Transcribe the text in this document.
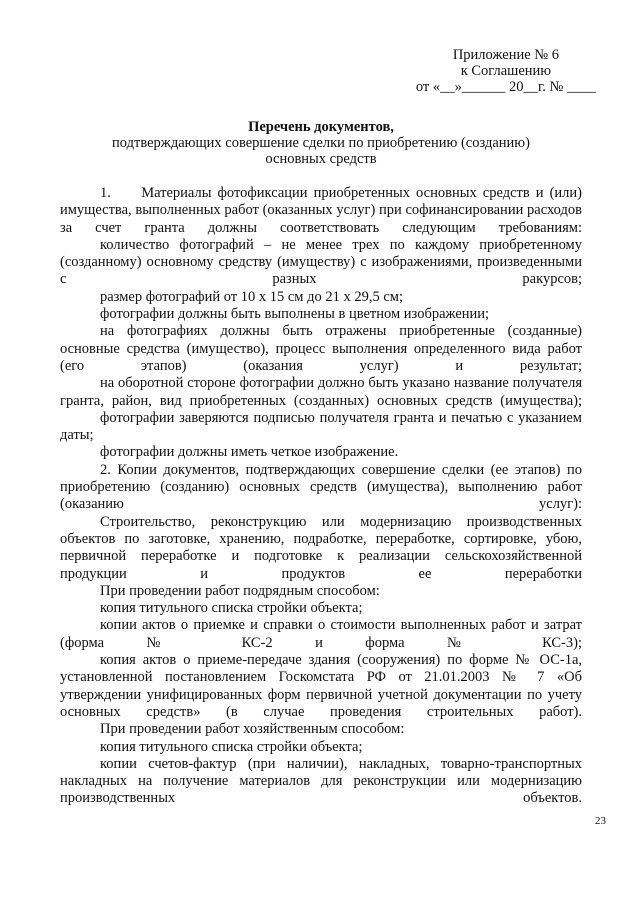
Приложение № 6
к Соглашению
от «__»______ 20__г. № ____
Перечень документов,
подтверждающих совершение сделки по приобретению (созданию)
основных средств

1.     Материалы фотофиксации приобретенных основных средств и (или) имущества, выполненных работ (оказанных услуг) при софинансировании расходов за счет гранта должны соответствовать следующим требованиям:

количество фотографий – не менее трех по каждому приобретенному (созданному) основному средству (имуществу) с изображениями, произведенными с разных ракурсов;

размер фотографий от 10 х 15 см до 21 х 29,5 см;

фотографии должны быть выполнены в цветном изображении;

на фотографиях должны быть отражены приобретенные (созданные) основные средства (имущество), процесс выполнения определенного вида работ (его этапов) (оказания услуг) и результат;

на оборотной стороне фотографии должно быть указано название получателя гранта, район, вид приобретенных (созданных) основных средств (имущества);

фотографии заверяются подписью получателя гранта и печатью с указанием даты;

фотографии должны иметь четкое изображение.

2. Копии документов, подтверждающих совершение сделки (ее этапов) по приобретению (созданию) основных средств (имущества), выполнению работ (оказанию услуг):

Строительство, реконструкцию или модернизацию производственных объектов по заготовке, хранению, подработке, переработке, сортировке, убою, первичной переработке и подготовке к реализации сельскохозяйственной продукции и продуктов ее переработки

При проведении работ подрядным способом:

копия титульного списка стройки объекта;

копии актов о приемке и справки о стоимости выполненных работ и затрат (форма № КС-2 и форма № КС-3);

копия актов о приеме-передаче здания (сооружения) по форме № ОС-1а, установленной постановлением Госкомстата РФ от 21.01.2003 № 7 «Об утверждении унифицированных форм первичной учетной документации по учету основных средств» (в случае проведения строительных работ).

При проведении работ хозяйственным способом:

копия титульного списка стройки объекта;

копии счетов-фактур (при наличии), накладных, товарно-транспортных накладных на получение материалов для реконструкции или модернизацию производственных объектов.

23
